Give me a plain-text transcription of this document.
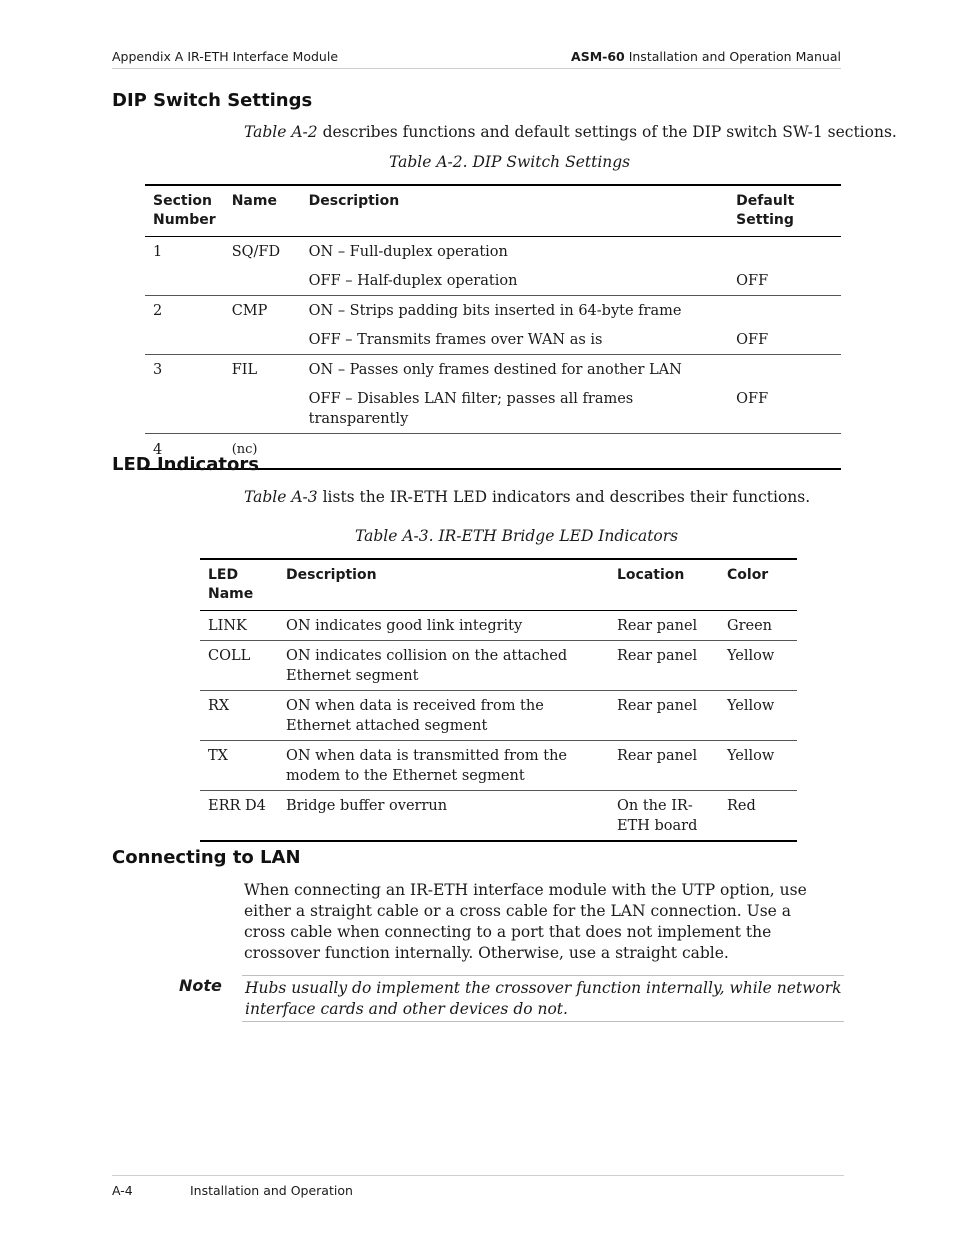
Appendix A IR-ETH Interface Module	ASM-60 Installation and Operation Manual
DIP Switch Settings

Table A-2 describes functions and default settings of the DIP switch SW-1 sections.

Table A-2. DIP Switch Settings
Section Number	Name	Description	Default Setting
1	SQ/FD	ON – Full-duplex operation	
		OFF – Half-duplex operation	OFF
2	CMP	ON – Strips padding bits inserted in 64-byte frame	
		OFF – Transmits frames over WAN as is	OFF
3	FIL	ON – Passes only frames destined for another LAN	
		OFF – Disables LAN filter; passes all frames transparently	OFF
4	(nc)		
LED Indicators

Table A-3 lists the IR-ETH LED indicators and describes their functions.

Table A-3. IR-ETH Bridge LED Indicators
LED Name	Description	Location	Color
LINK	ON indicates good link integrity	Rear panel	Green
COLL	ON indicates collision on the attached Ethernet segment	Rear panel	Yellow
RX	ON when data is received from the Ethernet attached segment	Rear panel	Yellow
TX	ON when data is transmitted from the modem to the Ethernet segment	Rear panel	Yellow
ERR D4	Bridge buffer overrun	On the IR-ETH board	Red
Connecting to LAN

When connecting an IR-ETH interface module with the UTP option, use either a straight cable or a cross cable for the LAN connection. Use a cross cable when connecting to a port that does not implement the crossover function internally. Otherwise, use a straight cable.

Note Hubs usually do implement the crossover function internally, while network interface cards and other devices do not.
A-4	Installation and Operation
